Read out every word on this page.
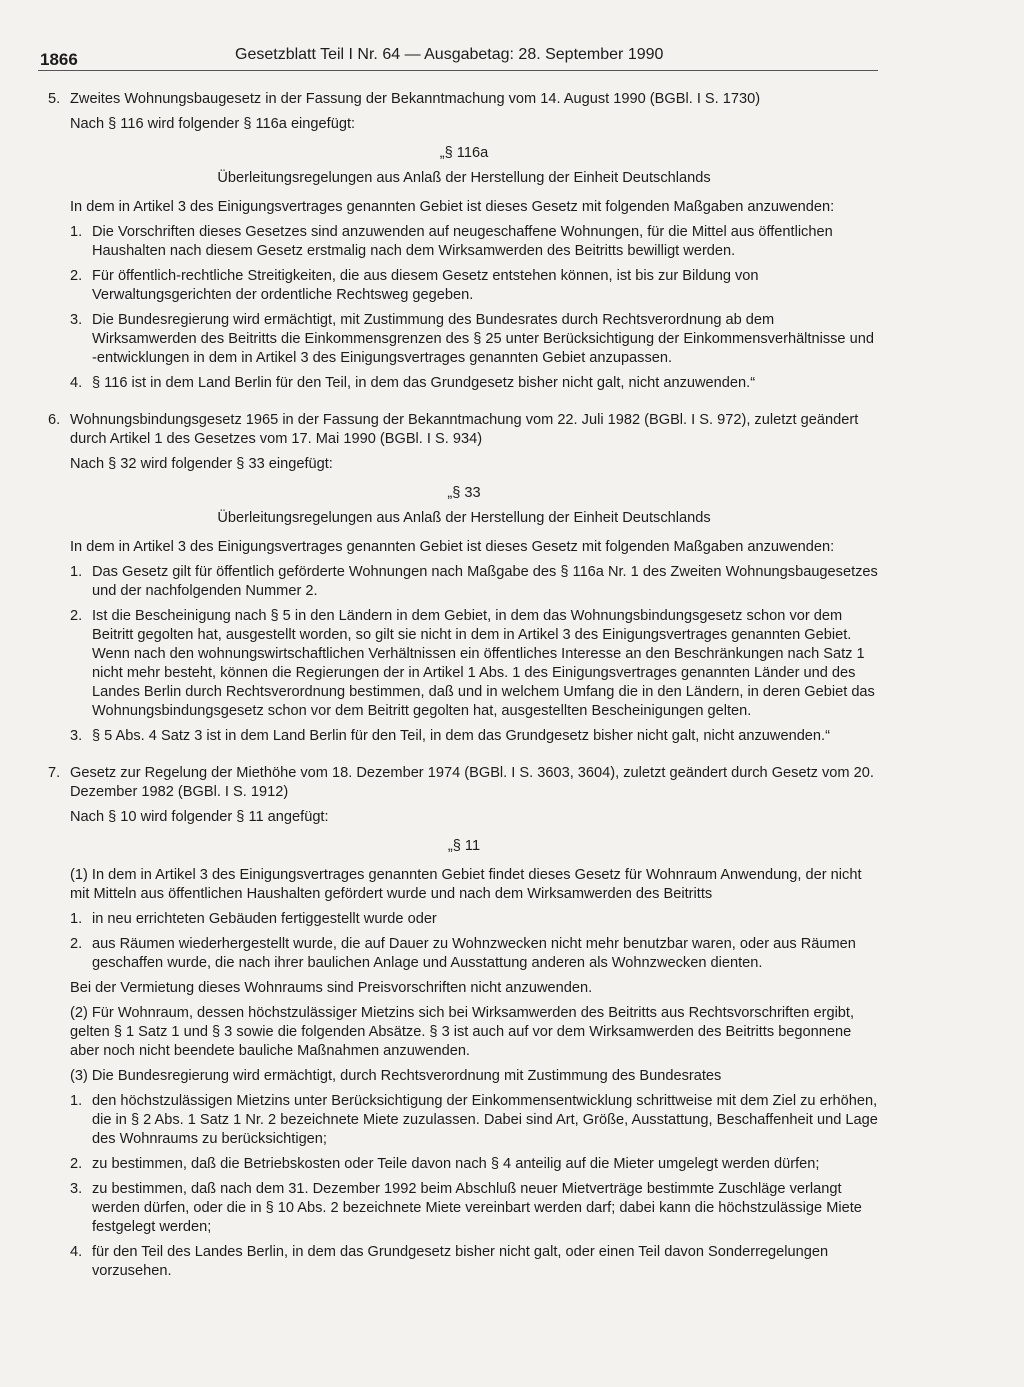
1866	Gesetzblatt Teil I Nr. 64 — Ausgabetag: 28. September 1990
5. Zweites Wohnungsbaugesetz in der Fassung der Bekanntmachung vom 14. August 1990 (BGBl. I S. 1730)

Nach § 116 wird folgender § 116a eingefügt:

„§ 116a

Überleitungsregelungen aus Anlaß der Herstellung der Einheit Deutschlands

In dem in Artikel 3 des Einigungsvertrages genannten Gebiet ist dieses Gesetz mit folgenden Maßgaben anzuwenden:

1. Die Vorschriften dieses Gesetzes sind anzuwenden auf neugeschaffene Wohnungen, für die Mittel aus öffentlichen Haushalten nach diesem Gesetz erstmalig nach dem Wirksamwerden des Beitritts bewilligt werden.

2. Für öffentlich-rechtliche Streitigkeiten, die aus diesem Gesetz entstehen können, ist bis zur Bildung von Verwaltungsgerichten der ordentliche Rechtsweg gegeben.

3. Die Bundesregierung wird ermächtigt, mit Zustimmung des Bundesrates durch Rechtsverordnung ab dem Wirksamwerden des Beitritts die Einkommensgrenzen des § 25 unter Berücksichtigung der Einkommensverhältnisse und -entwicklungen in dem in Artikel 3 des Einigungsvertrages genannten Gebiet anzupassen.

4. § 116 ist in dem Land Berlin für den Teil, in dem das Grundgesetz bisher nicht galt, nicht anzuwenden.“

6. Wohnungsbindungsgesetz 1965 in der Fassung der Bekanntmachung vom 22. Juli 1982 (BGBl. I S. 972), zuletzt geändert durch Artikel 1 des Gesetzes vom 17. Mai 1990 (BGBl. I S. 934)

Nach § 32 wird folgender § 33 eingefügt:

„§ 33

Überleitungsregelungen aus Anlaß der Herstellung der Einheit Deutschlands

In dem in Artikel 3 des Einigungsvertrages genannten Gebiet ist dieses Gesetz mit folgenden Maßgaben anzuwenden:

1. Das Gesetz gilt für öffentlich geförderte Wohnungen nach Maßgabe des § 116a Nr. 1 des Zweiten Wohnungsbaugesetzes und der nachfolgenden Nummer 2.

2. Ist die Bescheinigung nach § 5 in den Ländern in dem Gebiet, in dem das Wohnungsbindungsgesetz schon vor dem Beitritt gegolten hat, ausgestellt worden, so gilt sie nicht in dem in Artikel 3 des Einigungsvertrages genannten Gebiet. Wenn nach den wohnungswirtschaftlichen Verhältnissen ein öffentliches Interesse an den Beschränkungen nach Satz 1 nicht mehr besteht, können die Regierungen der in Artikel 1 Abs. 1 des Einigungsvertrages genannten Länder und des Landes Berlin durch Rechtsverordnung bestimmen, daß und in welchem Umfang die in den Ländern, in deren Gebiet das Wohnungsbindungsgesetz schon vor dem Beitritt gegolten hat, ausgestellten Bescheinigungen gelten.

3. § 5 Abs. 4 Satz 3 ist in dem Land Berlin für den Teil, in dem das Grundgesetz bisher nicht galt, nicht anzuwenden.“

7. Gesetz zur Regelung der Miethöhe vom 18. Dezember 1974 (BGBl. I S. 3603, 3604), zuletzt geändert durch Gesetz vom 20. Dezember 1982 (BGBl. I S. 1912)

Nach § 10 wird folgender § 11 angefügt:

„§ 11

(1) In dem in Artikel 3 des Einigungsvertrages genannten Gebiet findet dieses Gesetz für Wohnraum Anwendung, der nicht mit Mitteln aus öffentlichen Haushalten gefördert wurde und nach dem Wirksamwerden des Beitritts

1. in neu errichteten Gebäuden fertiggestellt wurde oder

2. aus Räumen wiederhergestellt wurde, die auf Dauer zu Wohnzwecken nicht mehr benutzbar waren, oder aus Räumen geschaffen wurde, die nach ihrer baulichen Anlage und Ausstattung anderen als Wohnzwecken dienten.

Bei der Vermietung dieses Wohnraums sind Preisvorschriften nicht anzuwenden.

(2) Für Wohnraum, dessen höchstzulässiger Mietzins sich bei Wirksamwerden des Beitritts aus Rechtsvorschriften ergibt, gelten § 1 Satz 1 und § 3 sowie die folgenden Absätze. § 3 ist auch auf vor dem Wirksamwerden des Beitritts begonnene aber noch nicht beendete bauliche Maßnahmen anzuwenden.

(3) Die Bundesregierung wird ermächtigt, durch Rechtsverordnung mit Zustimmung des Bundesrates

1. den höchstzulässigen Mietzins unter Berücksichtigung der Einkommensentwicklung schrittweise mit dem Ziel zu erhöhen, die in § 2 Abs. 1 Satz 1 Nr. 2 bezeichnete Miete zuzulassen. Dabei sind Art, Größe, Ausstattung, Beschaffenheit und Lage des Wohnraums zu berücksichtigen;

2. zu bestimmen, daß die Betriebskosten oder Teile davon nach § 4 anteilig auf die Mieter umgelegt werden dürfen;

3. zu bestimmen, daß nach dem 31. Dezember 1992 beim Abschluß neuer Mietverträge bestimmte Zuschläge verlangt werden dürfen, oder die in § 10 Abs. 2 bezeichnete Miete vereinbart werden darf; dabei kann die höchstzulässige Miete festgelegt werden;

4. für den Teil des Landes Berlin, in dem das Grundgesetz bisher nicht galt, oder einen Teil davon Sonderregelungen vorzusehen.
